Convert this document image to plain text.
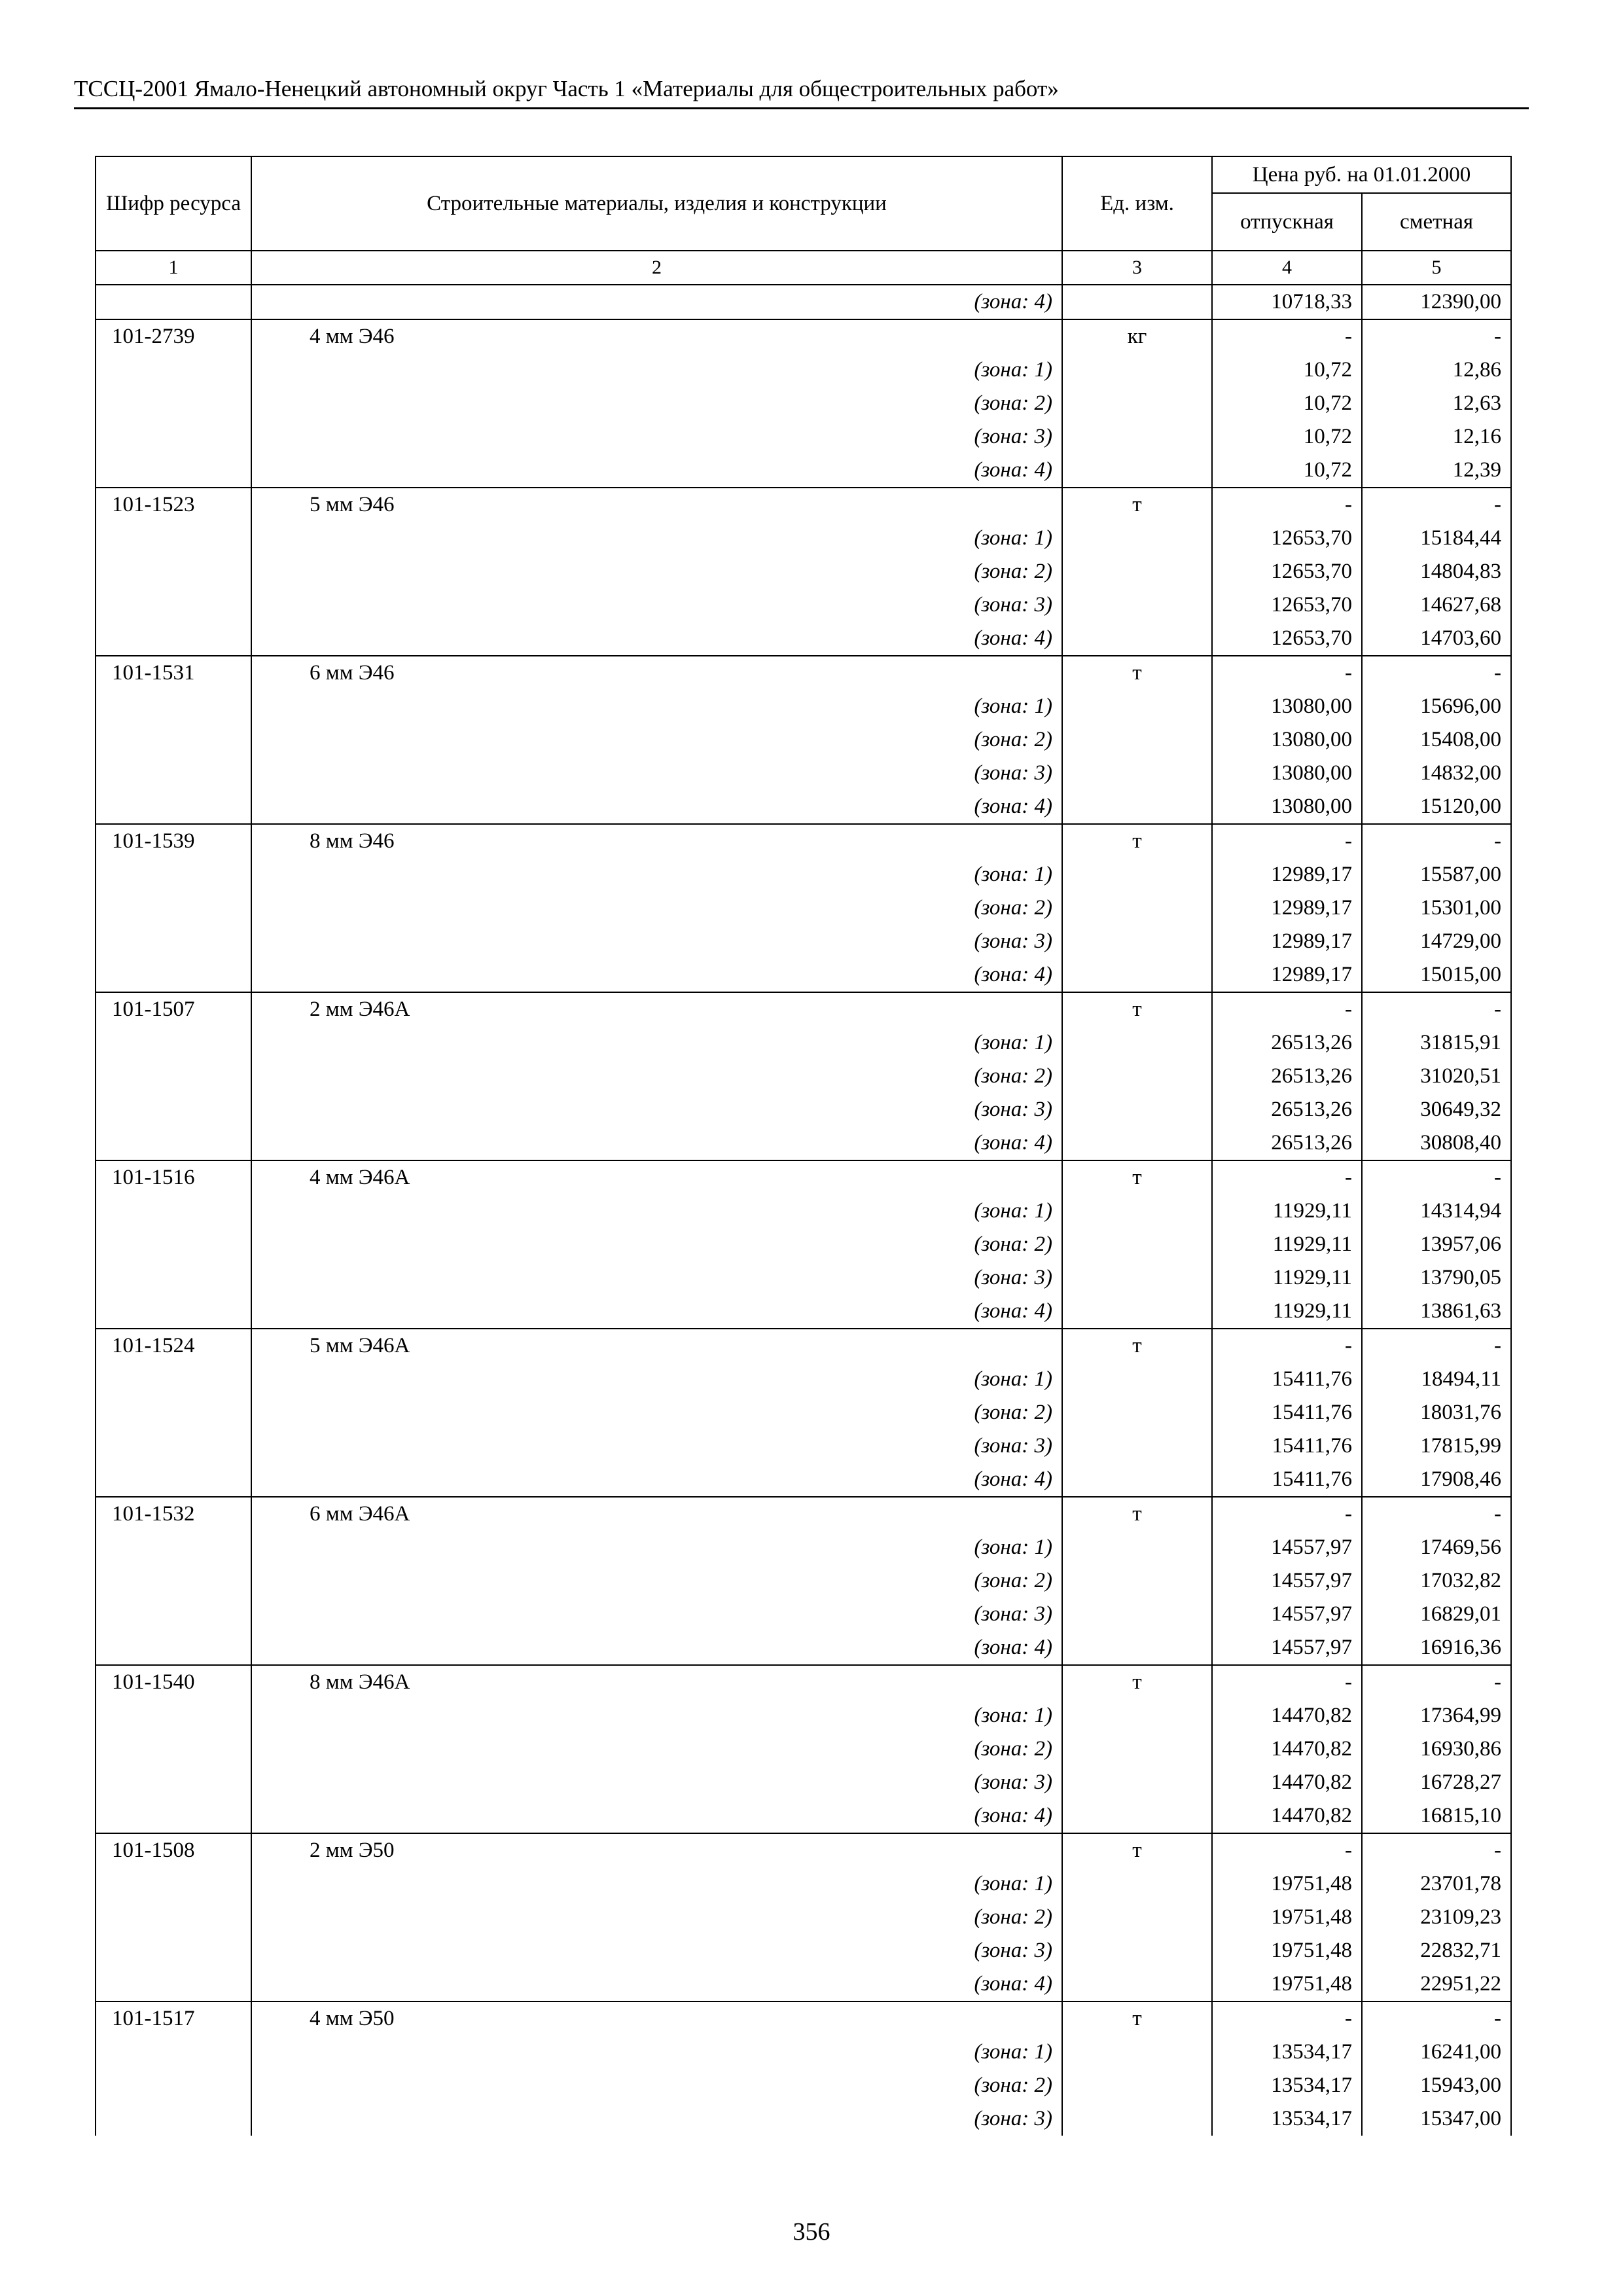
ТССЦ-2001 Ямало-Ненецкий автономный округ Часть 1 «Материалы для общестроительных работ»
Шифр ресурса	Строительные материалы, изделия и конструкции	Ед. изм.	Цена руб. на 01.01.2000	
			отпускная	сметная
1	2	3	4	5
	(зона: 4)		10718,33	12390,00
101-2739	4 мм Э46	кг	-	-
	(зона: 1)		10,72	12,86
	(зона: 2)		10,72	12,63
	(зона: 3)		10,72	12,16
	(зона: 4)		10,72	12,39
101-1523	5 мм Э46	т	-	-
	(зона: 1)		12653,70	15184,44
	(зона: 2)		12653,70	14804,83
	(зона: 3)		12653,70	14627,68
	(зона: 4)		12653,70	14703,60
101-1531	6 мм Э46	т	-	-
	(зона: 1)		13080,00	15696,00
	(зона: 2)		13080,00	15408,00
	(зона: 3)		13080,00	14832,00
	(зона: 4)		13080,00	15120,00
101-1539	8 мм Э46	т	-	-
	(зона: 1)		12989,17	15587,00
	(зона: 2)		12989,17	15301,00
	(зона: 3)		12989,17	14729,00
	(зона: 4)		12989,17	15015,00
101-1507	2 мм Э46А	т	-	-
	(зона: 1)		26513,26	31815,91
	(зона: 2)		26513,26	31020,51
	(зона: 3)		26513,26	30649,32
	(зона: 4)		26513,26	30808,40
101-1516	4 мм Э46А	т	-	-
	(зона: 1)		11929,11	14314,94
	(зона: 2)		11929,11	13957,06
	(зона: 3)		11929,11	13790,05
	(зона: 4)		11929,11	13861,63
101-1524	5 мм Э46А	т	-	-
	(зона: 1)		15411,76	18494,11
	(зона: 2)		15411,76	18031,76
	(зона: 3)		15411,76	17815,99
	(зона: 4)		15411,76	17908,46
101-1532	6 мм Э46А	т	-	-
	(зона: 1)		14557,97	17469,56
	(зона: 2)		14557,97	17032,82
	(зона: 3)		14557,97	16829,01
	(зона: 4)		14557,97	16916,36
101-1540	8 мм Э46А	т	-	-
	(зона: 1)		14470,82	17364,99
	(зона: 2)		14470,82	16930,86
	(зона: 3)		14470,82	16728,27
	(зона: 4)		14470,82	16815,10
101-1508	2 мм Э50	т	-	-
	(зона: 1)		19751,48	23701,78
	(зона: 2)		19751,48	23109,23
	(зона: 3)		19751,48	22832,71
	(зона: 4)		19751,48	22951,22
101-1517	4 мм Э50	т	-	-
	(зона: 1)		13534,17	16241,00
	(зона: 2)		13534,17	15943,00
	(зона: 3)		13534,17	15347,00
356
